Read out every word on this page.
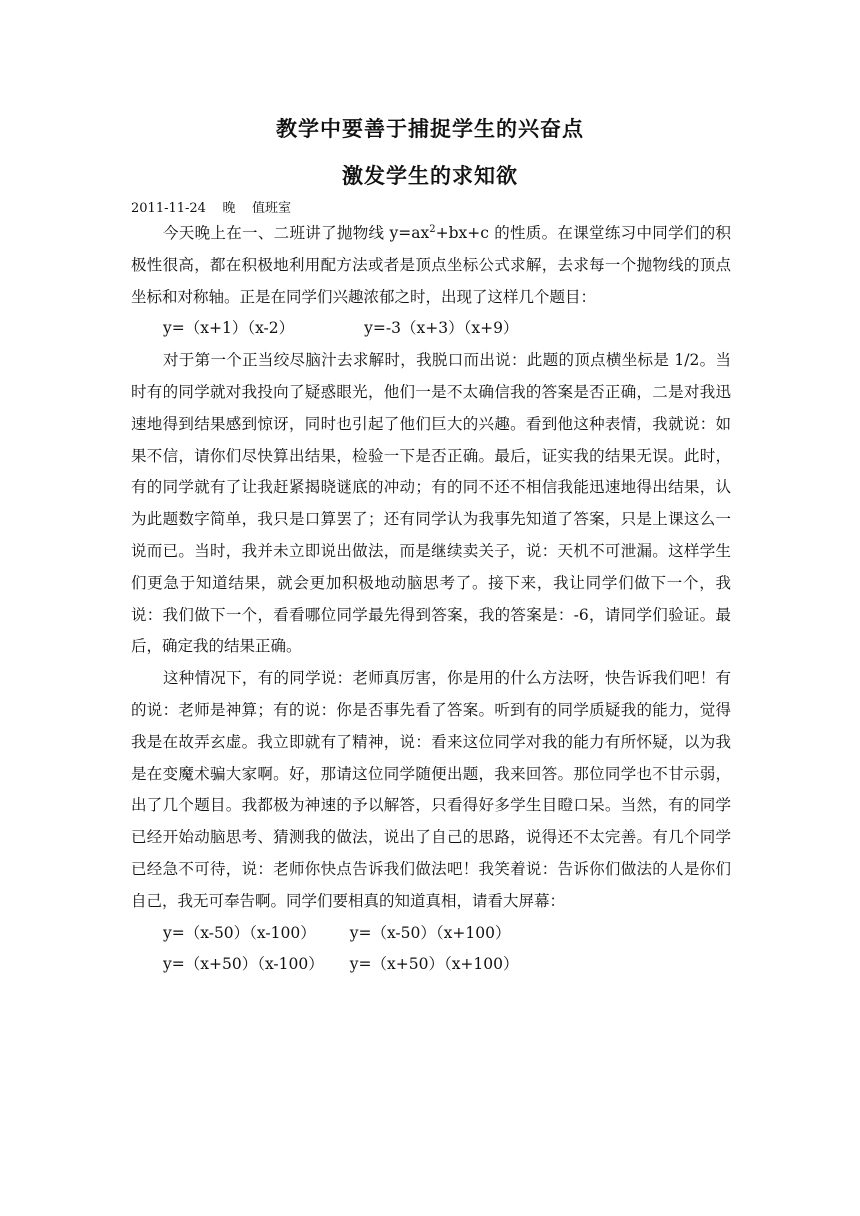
教学中要善于捕捉学生的兴奋点
激发学生的求知欲
2011-11-24    晚    值班室

今天晚上在一、二班讲了抛物线 $y=ax^2+bx+c$ 的性质。在课堂练习中同学们的积极性很高，都在积极地利用配方法或者是顶点坐标公式求解，去求每一个抛物线的顶点坐标和对称轴。正是在同学们兴趣浓郁之时，出现了这样几个题目：

y=（x+1）（x-2）	y=-3（x+3）（x+9）

对于第一个正当绞尽脑汁去求解时，我脱口而出说：此题的顶点横坐标是 1/2。当时有的同学就对我投向了疑惑眼光，他们一是不太确信我的答案是否正确，二是对我迅速地得到结果感到惊讶，同时也引起了他们巨大的兴趣。看到他这种表情，我就说：如果不信，请你们尽快算出结果，检验一下是否正确。最后，证实我的结果无误。此时，有的同学就有了让我赶紧揭晓谜底的冲动；有的同不还不相信我能迅速地得出结果，认为此题数字简单，我只是口算罢了；还有同学认为我事先知道了答案，只是上课这么一说而已。当时，我并未立即说出做法，而是继续卖关子，说：天机不可泄漏。这样学生们更急于知道结果，就会更加积极地动脑思考了。接下来，我让同学们做下一个，我说：我们做下一个，看看哪位同学最先得到答案，我的答案是：-6，请同学们验证。最后，确定我的结果正确。

这种情况下，有的同学说：老师真厉害，你是用的什么方法呀，快告诉我们吧！有的说：老师是神算；有的说：你是否事先看了答案。听到有的同学质疑我的能力，觉得我是在故弄玄虚。我立即就有了精神，说：看来这位同学对我的能力有所怀疑，以为我是在变魔术骗大家啊。好，那请这位同学随便出题，我来回答。那位同学也不甘示弱，出了几个题目。我都极为神速的予以解答，只看得好多学生目瞪口呆。当然，有的同学已经开始动脑思考、猜测我的做法，说出了自己的思路，说得还不太完善。有几个同学已经急不可待，说：老师你快点告诉我们做法吧！我笑着说：告诉你们做法的人是你们自己，我无可奉告啊。同学们要相真的知道真相，请看大屏幕：

y=（x-50）（x-100） y=（x-50）（x+100）
y=（x+50）（x-100） y=（x+50）（x+100）
